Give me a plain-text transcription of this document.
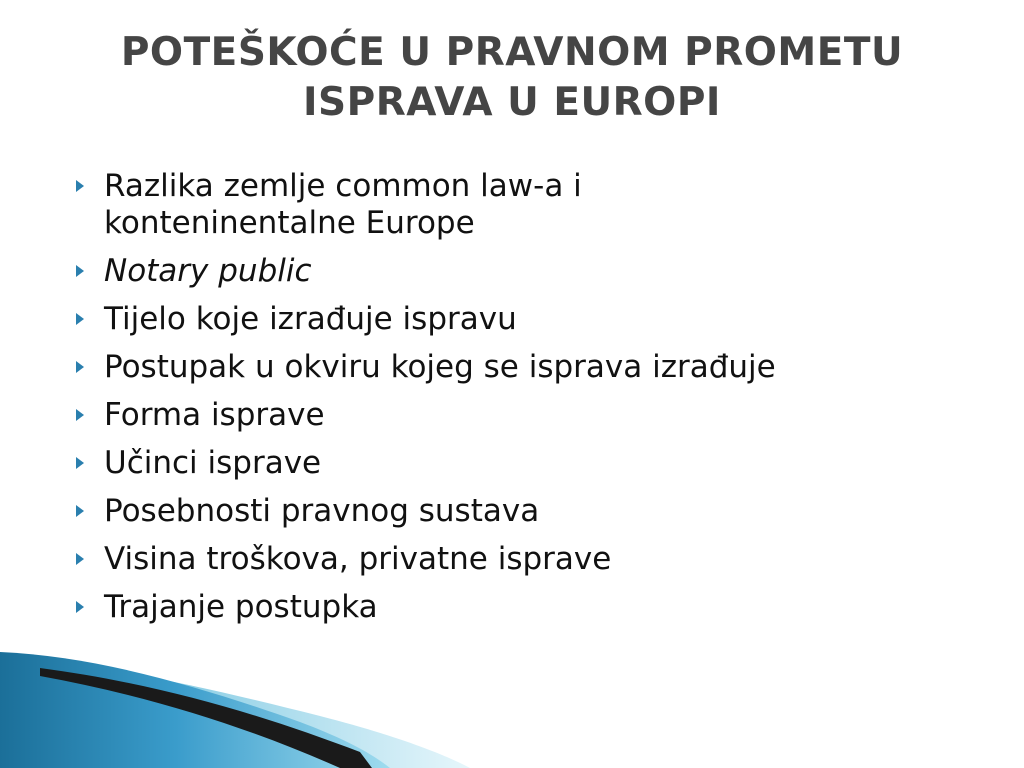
POTEŠKOĆE U PRAVNOM PROMETU
ISPRAVA U EUROPI
Razlika zemlje common law-a i
konteninentalne Europe
Notary public
Tijelo koje izrađuje ispravu
Postupak u okviru kojeg se isprava izrađuje
Forma isprave
Učinci isprave
Posebnosti pravnog sustava
Visina troškova, privatne isprave
Trajanje postupka
